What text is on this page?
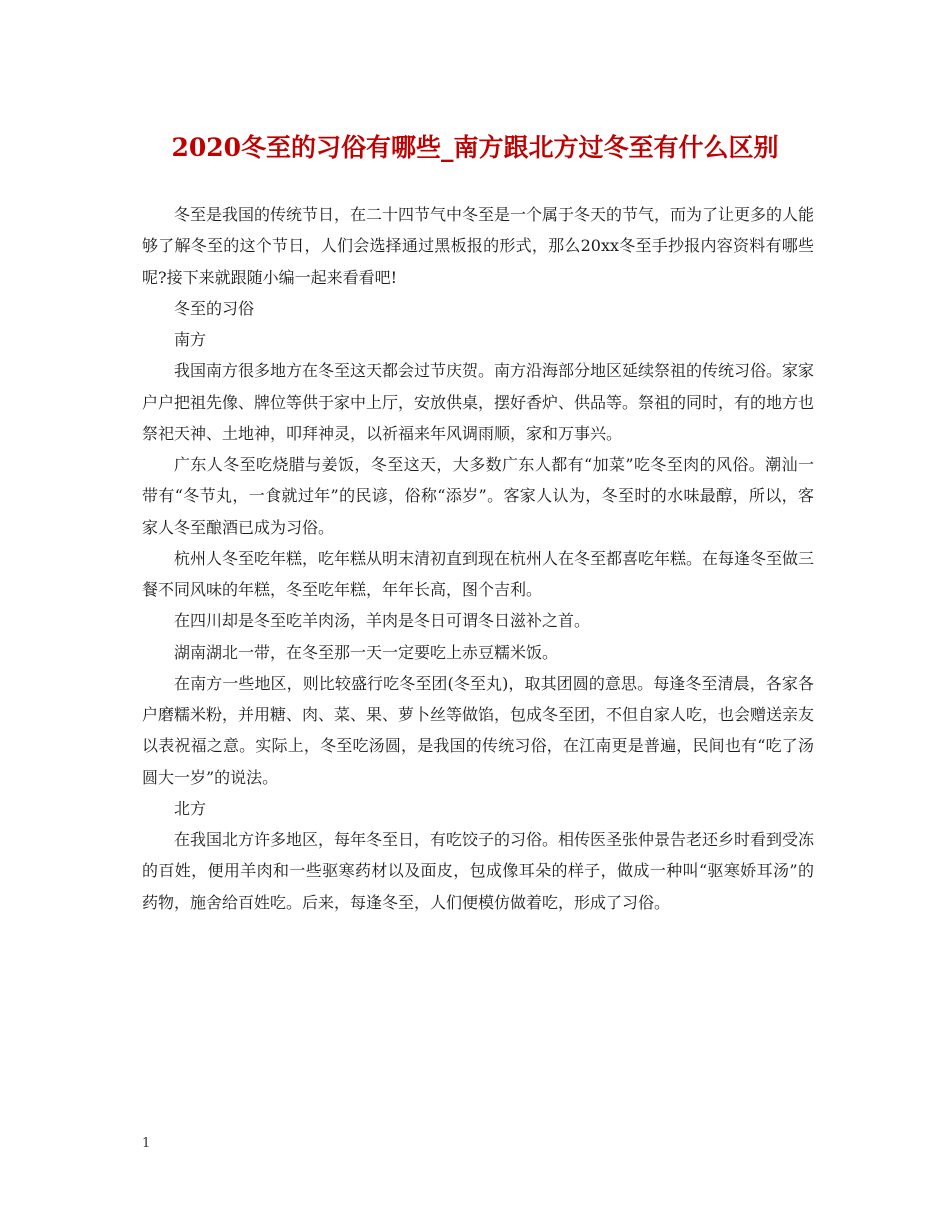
2020冬至的习俗有哪些_南方跟北方过冬至有什么区别

冬至是我国的传统节日，在二十四节气中冬至是一个属于冬天的节气，而为了让更多的人能够了解冬至的这个节日，人们会选择通过黑板报的形式，那么20xx冬至手抄报内容资料有哪些呢?接下来就跟随小编一起来看看吧!

冬至的习俗

南方

我国南方很多地方在冬至这天都会过节庆贺。南方沿海部分地区延续祭祖的传统习俗。家家户户把祖先像、牌位等供于家中上厅，安放供桌，摆好香炉、供品等。祭祖的同时，有的地方也祭祀天神、土地神，叩拜神灵，以祈福来年风调雨顺，家和万事兴。

广东人冬至吃烧腊与姜饭，冬至这天，大多数广东人都有“加菜”吃冬至肉的风俗。潮汕一带有“冬节丸，一食就过年”的民谚，俗称“添岁”。客家人认为，冬至时的水味最醇，所以，客家人冬至酿酒已成为习俗。

杭州人冬至吃年糕，吃年糕从明末清初直到现在杭州人在冬至都喜吃年糕。在每逢冬至做三餐不同风味的年糕，冬至吃年糕，年年长高，图个吉利。

在四川却是冬至吃羊肉汤，羊肉是冬日可谓冬日滋补之首。

湖南湖北一带，在冬至那一天一定要吃上赤豆糯米饭。

在南方一些地区，则比较盛行吃冬至团(冬至丸)，取其团圆的意思。每逢冬至清晨，各家各户磨糯米粉，并用糖、肉、菜、果、萝卜丝等做馅，包成冬至团，不但自家人吃，也会赠送亲友以表祝福之意。实际上，冬至吃汤圆，是我国的传统习俗，在江南更是普遍，民间也有“吃了汤圆大一岁”的说法。

北方

在我国北方许多地区，每年冬至日，有吃饺子的习俗。相传医圣张仲景告老还乡时看到受冻的百姓，便用羊肉和一些驱寒药材以及面皮，包成像耳朵的样子，做成一种叫“驱寒娇耳汤”的药物，施舍给百姓吃。后来，每逢冬至，人们便模仿做着吃，形成了习俗。

1
